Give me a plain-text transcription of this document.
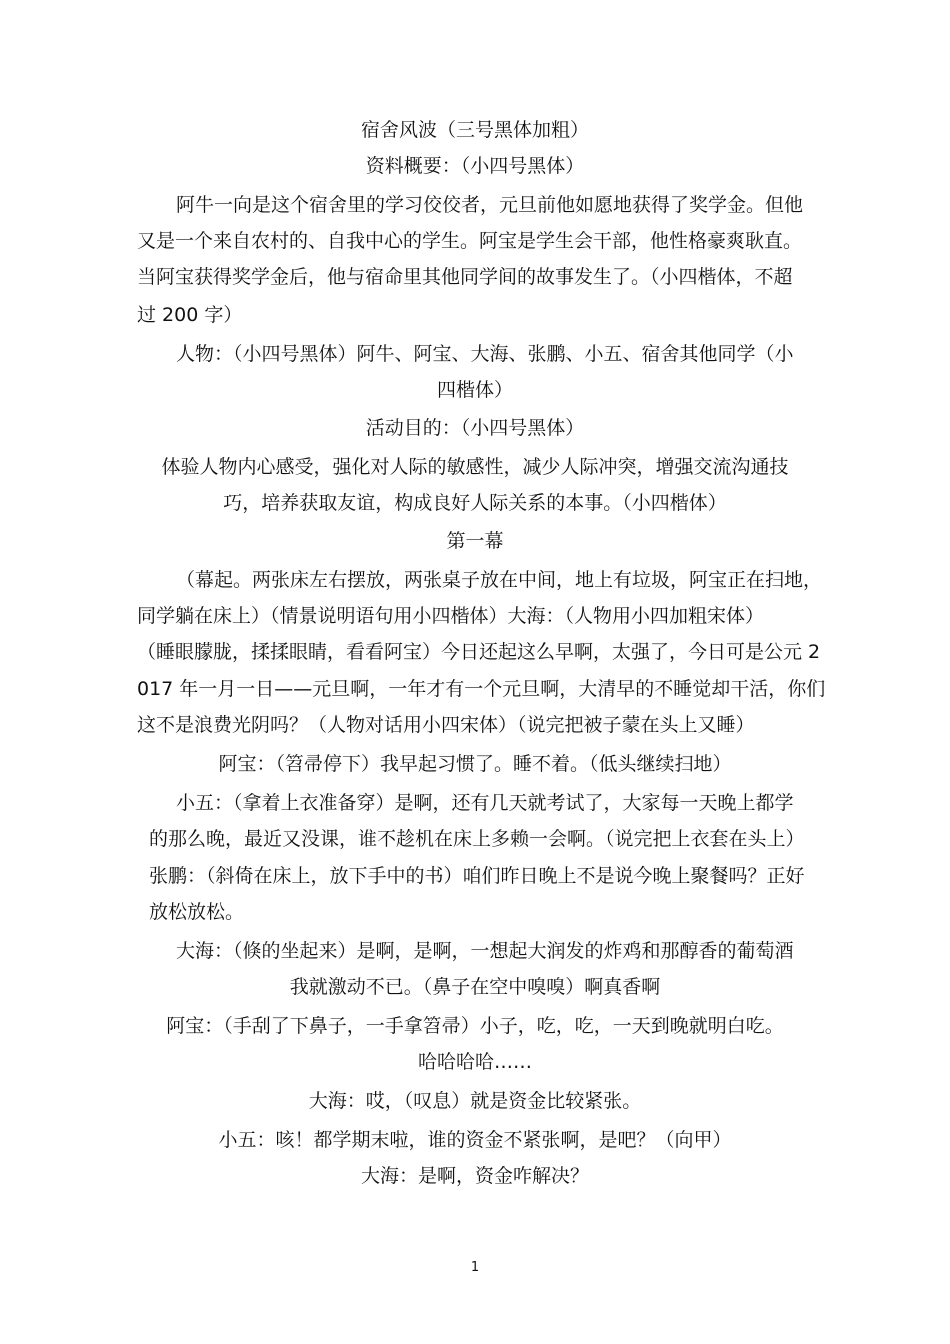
宿舍风波（三号黑体加粗）
资料概要：（小四号黑体）
阿牛一向是这个宿舍里的学习佼佼者，元旦前他如愿地获得了奖学金。但他
又是一个来自农村的、自我中心的学生。阿宝是学生会干部，他性格豪爽耿直。
当阿宝获得奖学金后，他与宿命里其他同学间的故事发生了。（小四楷体，不超
过 200 字）
人物：（小四号黑体）阿牛、阿宝、大海、张鹏、小五、宿舍其他同学（小
四楷体）
活动目的：（小四号黑体）
体验人物内心感受，强化对人际的敏感性，减少人际冲突，增强交流沟通技
巧，培养获取友谊，构成良好人际关系的本事。（小四楷体）
第一幕
（幕起。两张床左右摆放，两张桌子放在中间，地上有垃圾，阿宝正在扫地，
同学躺在床上）（情景说明语句用小四楷体）大海：（人物用小四加粗宋体）
（睡眼朦胧，揉揉眼睛，看看阿宝）今日还起这么早啊，太强了，今日可是公元 2
017 年一月一日——元旦啊，一年才有一个元旦啊，大清早的不睡觉却干活，你们
这不是浪费光阴吗？（人物对话用小四宋体）（说完把被子蒙在头上又睡）
阿宝：（笤帚停下）我早起习惯了。睡不着。（低头继续扫地）
小五：（拿着上衣准备穿）是啊，还有几天就考试了，大家每一天晚上都学
的那么晚，最近又没课，谁不趁机在床上多赖一会啊。（说完把上衣套在头上）
张鹏：（斜倚在床上，放下手中的书）咱们昨日晚上不是说今晚上聚餐吗？正好
放松放松。
大海：（倏的坐起来）是啊，是啊，一想起大润发的炸鸡和那醇香的葡萄酒
我就激动不已。（鼻子在空中嗅嗅）啊真香啊
阿宝：（手刮了下鼻子，一手拿笤帚）小子，吃，吃，一天到晚就明白吃。
哈哈哈哈……
大海：哎，（叹息）就是资金比较紧张。
小五：咳！都学期末啦，谁的资金不紧张啊，是吧？（向甲）
大海：是啊，资金咋解决？
1
